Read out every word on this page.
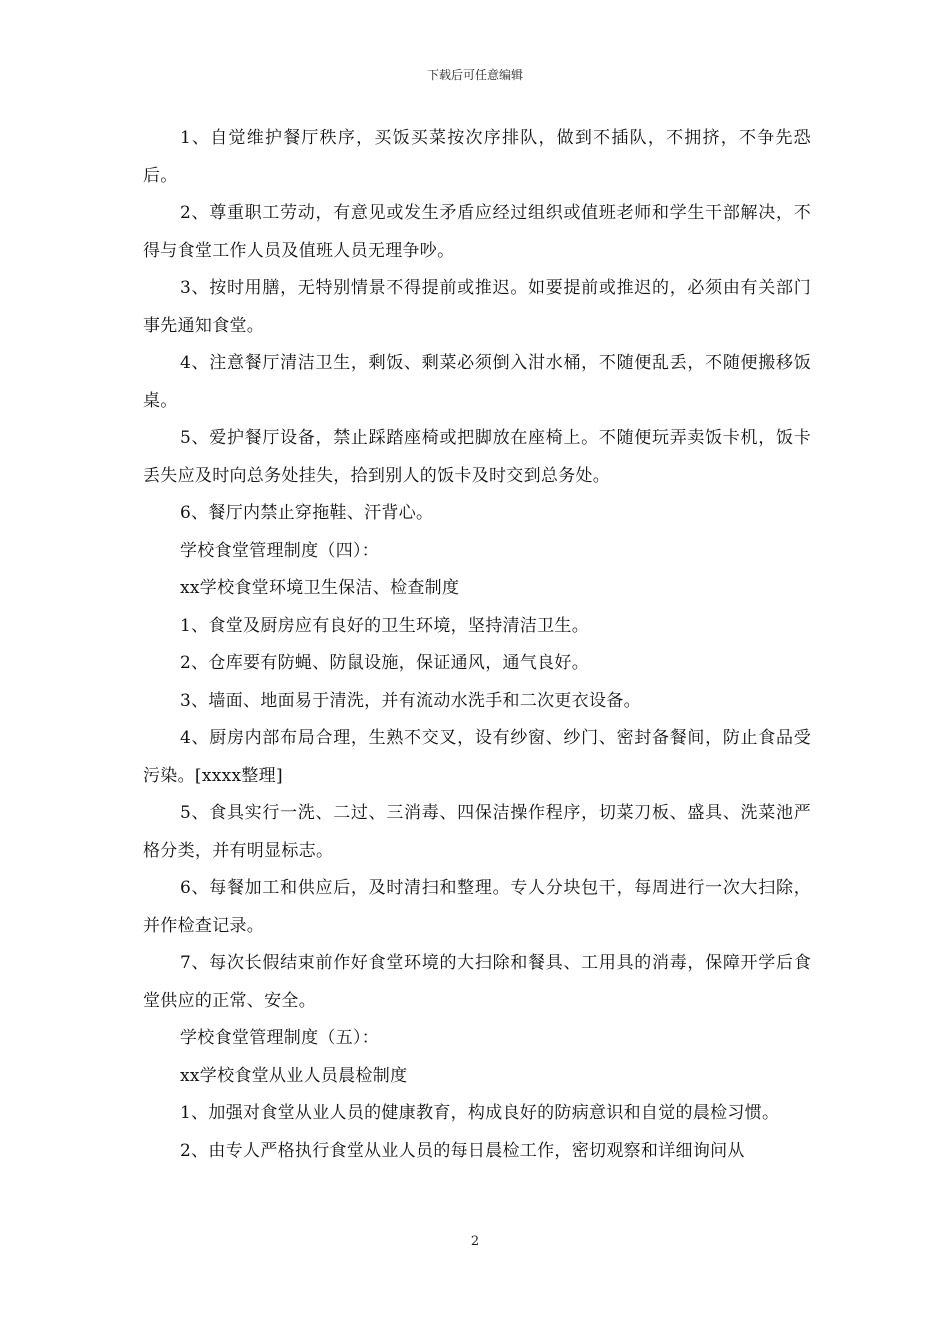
下载后可任意编辑

1、自觉维护餐厅秩序，买饭买菜按次序排队，做到不插队，不拥挤，不争先恐后。

2、尊重职工劳动，有意见或发生矛盾应经过组织或值班老师和学生干部解决，不得与食堂工作人员及值班人员无理争吵。

3、按时用膳，无特别情景不得提前或推迟。如要提前或推迟的，必须由有关部门事先通知食堂。

4、注意餐厅清洁卫生，剩饭、剩菜必须倒入泔水桶，不随便乱丢，不随便搬移饭桌。

5、爱护餐厅设备，禁止踩踏座椅或把脚放在座椅上。不随便玩弄卖饭卡机，饭卡丢失应及时向总务处挂失，拾到别人的饭卡及时交到总务处。

6、餐厅内禁止穿拖鞋、汗背心。

学校食堂管理制度（四）：

xx学校食堂环境卫生保洁、检查制度

1、食堂及厨房应有良好的卫生环境，坚持清洁卫生。

2、仓库要有防蝇、防鼠设施，保证通风，通气良好。

3、墙面、地面易于清洗，并有流动水洗手和二次更衣设备。

4、厨房内部布局合理，生熟不交叉，设有纱窗、纱门、密封备餐间，防止食品受污染。[xxxx整理]

5、食具实行一洗、二过、三消毒、四保洁操作程序，切菜刀板、盛具、洗菜池严格分类，并有明显标志。

6、每餐加工和供应后，及时清扫和整理。专人分块包干，每周进行一次大扫除，并作检查记录。

7、每次长假结束前作好食堂环境的大扫除和餐具、工用具的消毒，保障开学后食堂供应的正常、安全。

学校食堂管理制度（五）：

xx学校食堂从业人员晨检制度

1、加强对食堂从业人员的健康教育，构成良好的防病意识和自觉的晨检习惯。

2、由专人严格执行食堂从业人员的每日晨检工作，密切观察和详细询问从

2
